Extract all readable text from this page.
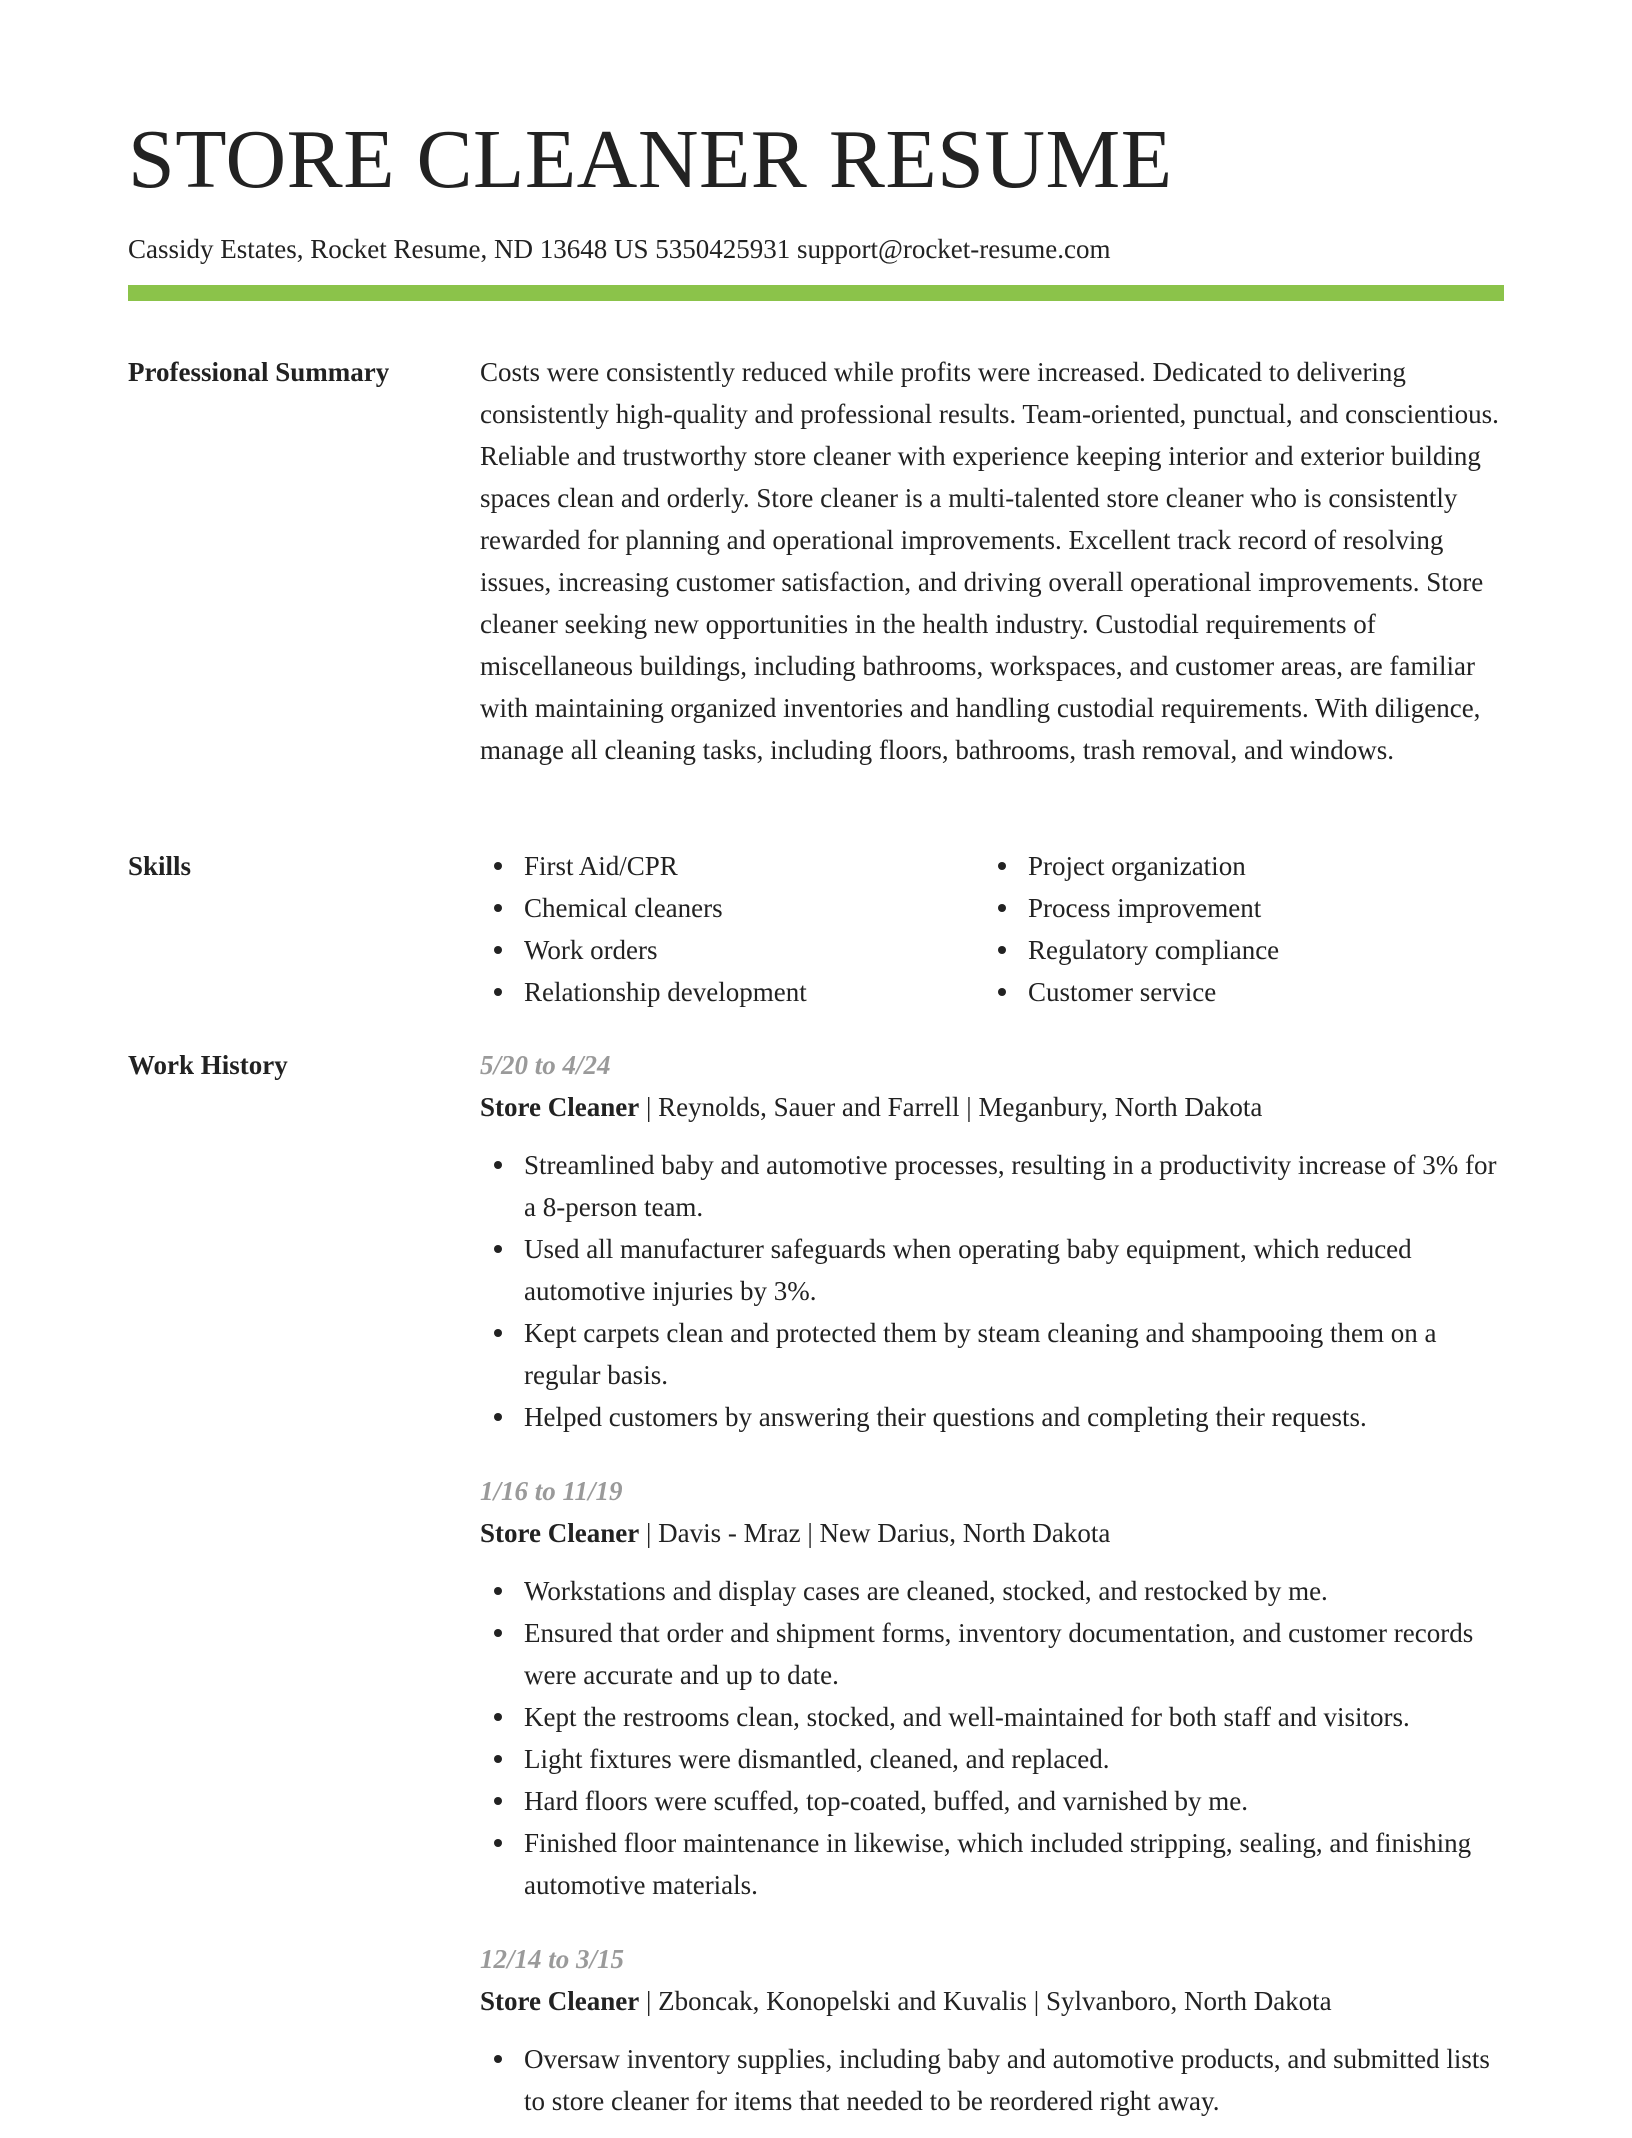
STORE CLEANER RESUME
Cassidy Estates, Rocket Resume, ND 13648 US 5350425931 support@rocket-resume.com
Professional Summary	Costs were consistently reduced while profits were increased. Dedicated to delivering consistently high-quality and professional results. Team-oriented, punctual, and conscientious. Reliable and trustworthy store cleaner with experience keeping interior and exterior building spaces clean and orderly. Store cleaner is a multi-talented store cleaner who is consistently rewarded for planning and operational improvements. Excellent track record of resolving issues, increasing customer satisfaction, and driving overall operational improvements. Store cleaner seeking new opportunities in the health industry. Custodial requirements of miscellaneous buildings, including bathrooms, workspaces, and customer areas, are familiar with maintaining organized inventories and handling custodial requirements. With diligence, manage all cleaning tasks, including floors, bathrooms, trash removal, and windows.

Skills	First Aid/CPR
Chemical cleaners
Work orders
Relationship development
Project organization
Process improvement
Regulatory compliance
Customer service
Work History	5/20 to 4/24
Store Cleaner | Reynolds, Sauer and Farrell | Meganbury, North Dakota
Streamlined baby and automotive processes, resulting in a productivity increase of 3% for a 8-person team.
Used all manufacturer safeguards when operating baby equipment, which reduced automotive injuries by 3%.
Kept carpets clean and protected them by steam cleaning and shampooing them on a regular basis.
Helped customers by answering their questions and completing their requests.
1/16 to 11/19
Store Cleaner | Davis - Mraz | New Darius, North Dakota
Workstations and display cases are cleaned, stocked, and restocked by me.
Ensured that order and shipment forms, inventory documentation, and customer records were accurate and up to date.
Kept the restrooms clean, stocked, and well-maintained for both staff and visitors.
Light fixtures were dismantled, cleaned, and replaced.
Hard floors were scuffed, top-coated, buffed, and varnished by me.
Finished floor maintenance in likewise, which included stripping, sealing, and finishing automotive materials.
12/14 to 3/15
Store Cleaner | Zboncak, Konopelski and Kuvalis | Sylvanboro, North Dakota
Oversaw inventory supplies, including baby and automotive products, and submitted lists to store cleaner for items that needed to be reordered right away.
